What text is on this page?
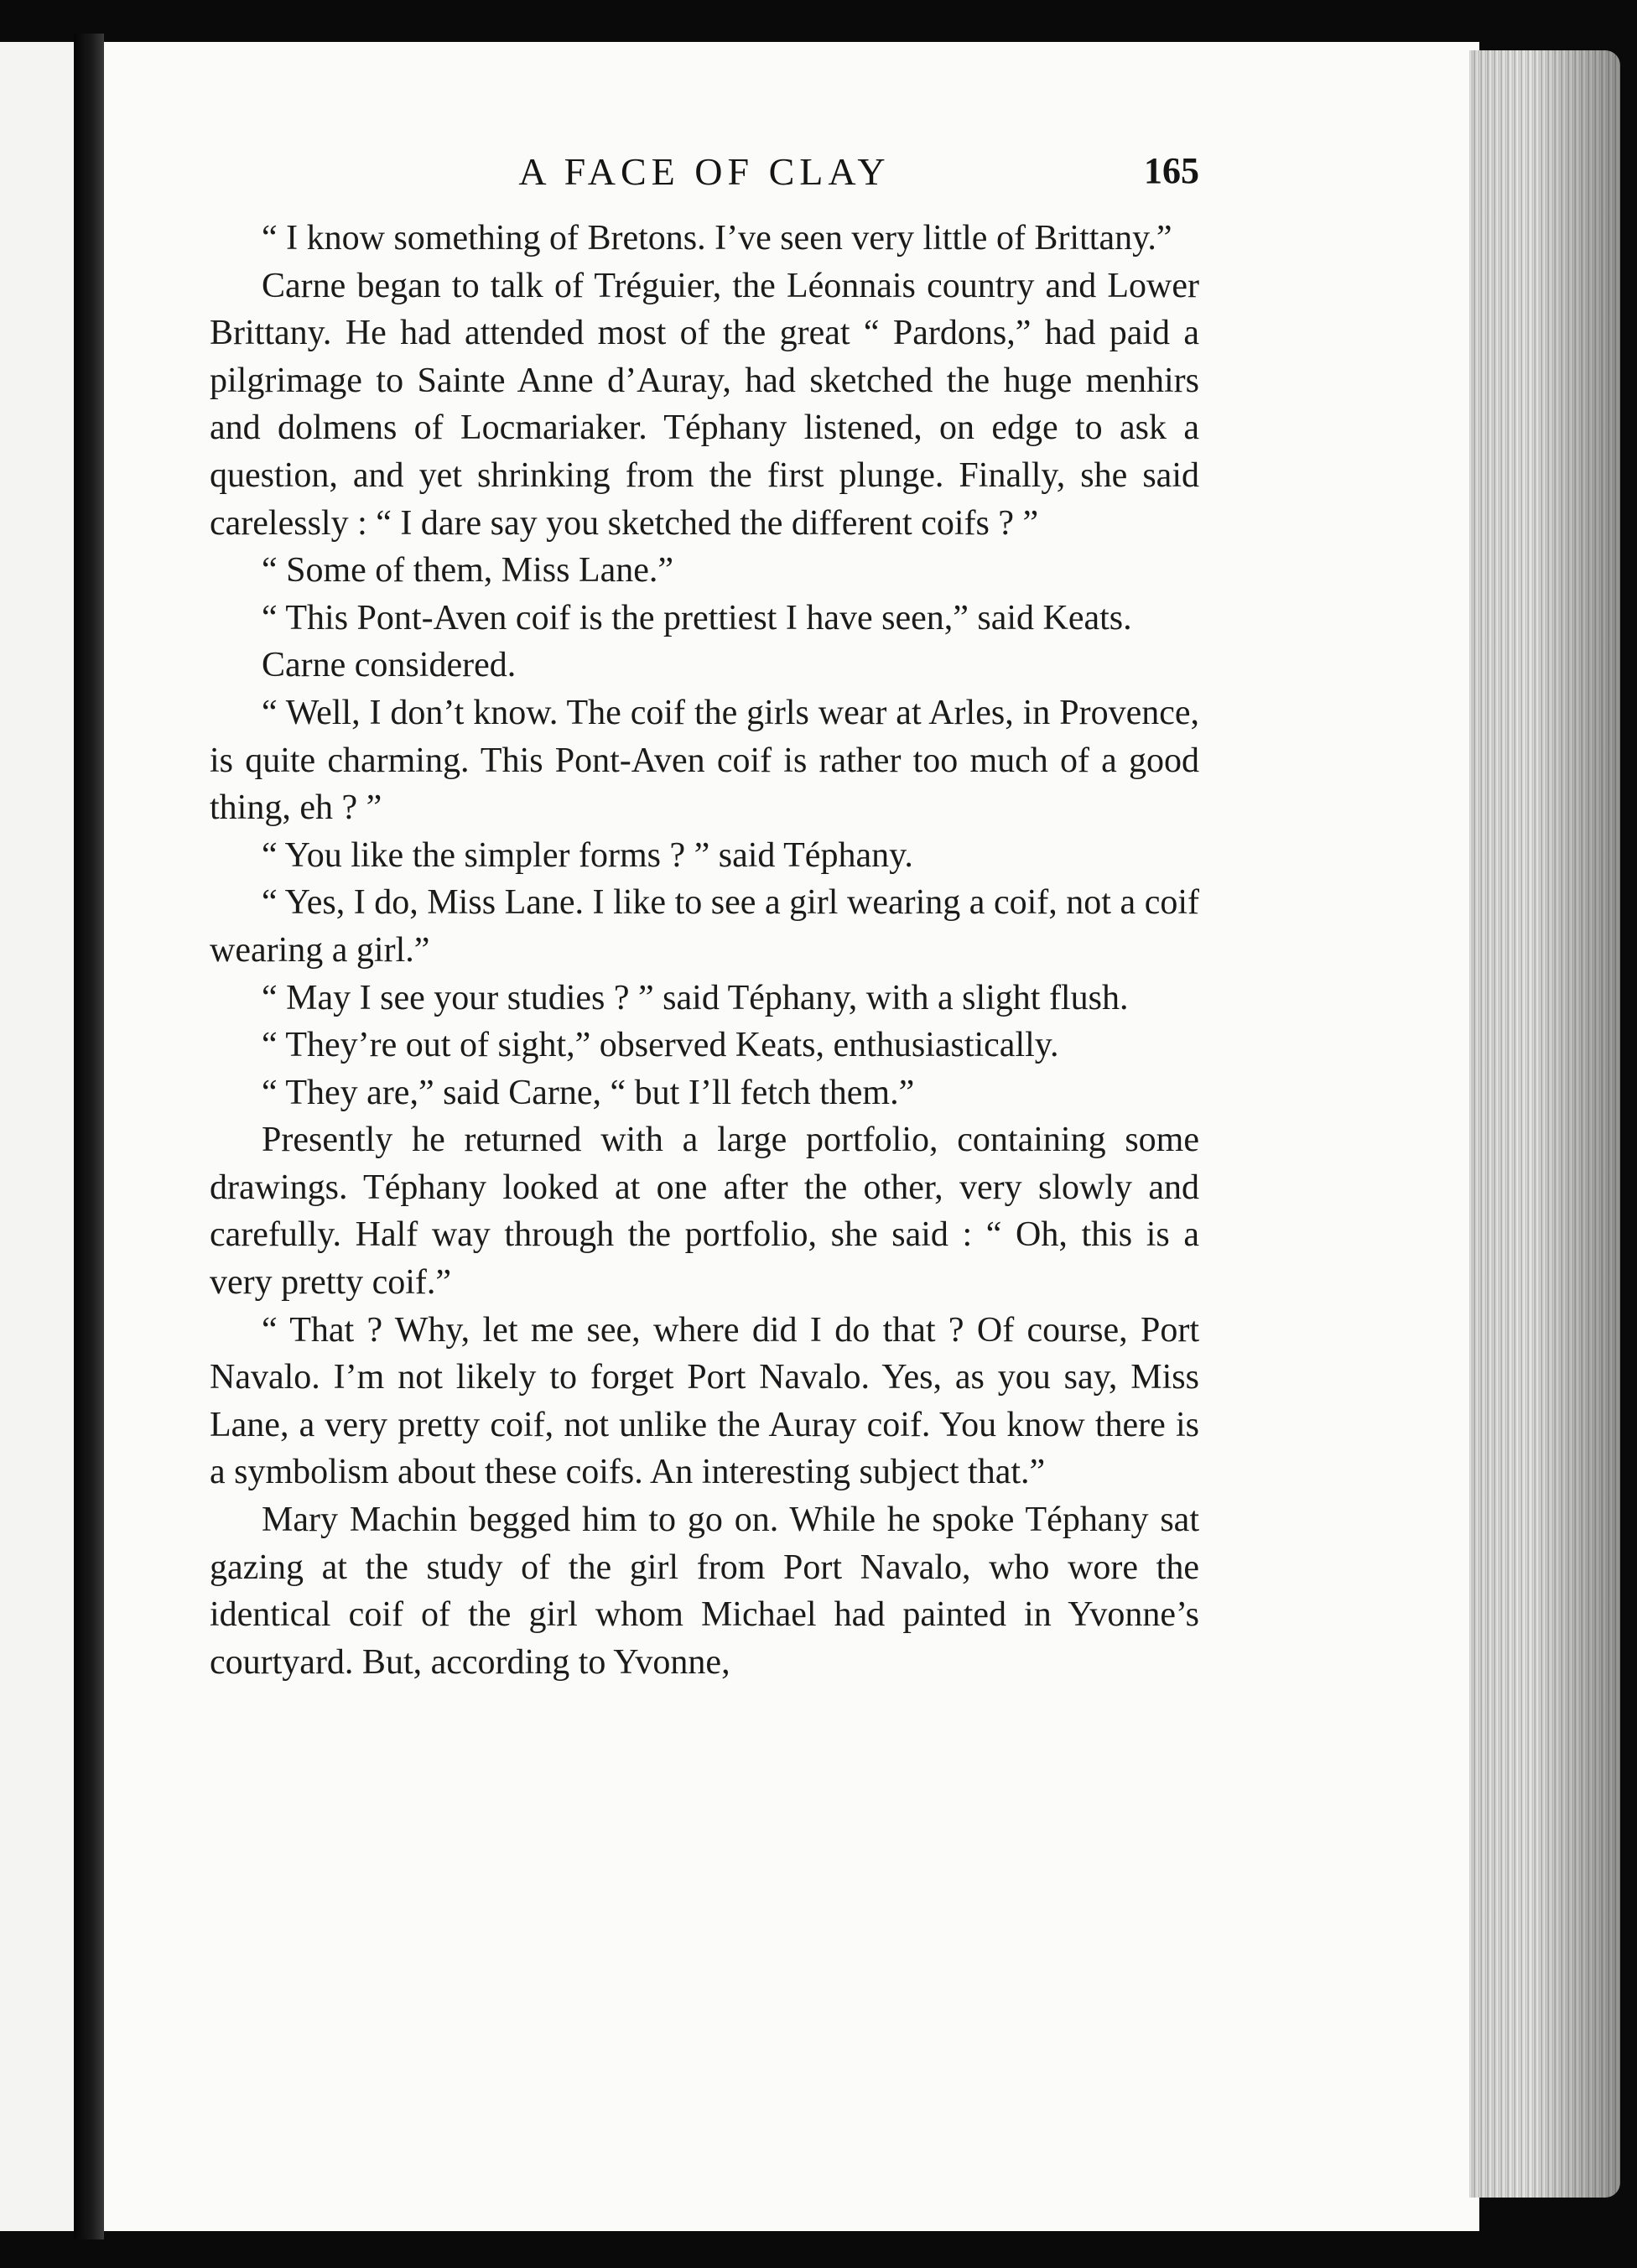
A FACE OF CLAY	165

“ I know something of Bretons. I’ve seen very little of Brittany.”

Carne began to talk of Tréguier, the Léonnais country and Lower Brittany. He had attended most of the great “ Pardons,” had paid a pilgrimage to Sainte Anne d’Auray, had sketched the huge menhirs and dolmens of Locmariaker. Téphany listened, on edge to ask a question, and yet shrinking from the first plunge. Finally, she said carelessly : “ I dare say you sketched the different coifs ? ”

“ Some of them, Miss Lane.”

“ This Pont-Aven coif is the prettiest I have seen,” said Keats.

Carne considered.

“ Well, I don’t know. The coif the girls wear at Arles, in Provence, is quite charming. This Pont-Aven coif is rather too much of a good thing, eh ? ”

“ You like the simpler forms ? ” said Téphany.

“ Yes, I do, Miss Lane. I like to see a girl wearing a coif, not a coif wearing a girl.”

“ May I see your studies ? ” said Téphany, with a slight flush.

“ They’re out of sight,” observed Keats, enthusiastically.

“ They are,” said Carne, “ but I’ll fetch them.”

Presently he returned with a large portfolio, containing some drawings. Téphany looked at one after the other, very slowly and carefully. Half way through the portfolio, she said : “ Oh, this is a very pretty coif.”

“ That ? Why, let me see, where did I do that ? Of course, Port Navalo. I’m not likely to forget Port Navalo. Yes, as you say, Miss Lane, a very pretty coif, not unlike the Auray coif. You know there is a symbolism about these coifs. An interesting subject that.”

Mary Machin begged him to go on. While he spoke Téphany sat gazing at the study of the girl from Port Navalo, who wore the identical coif of the girl whom Michael had painted in Yvonne’s courtyard. But, according to Yvonne,
